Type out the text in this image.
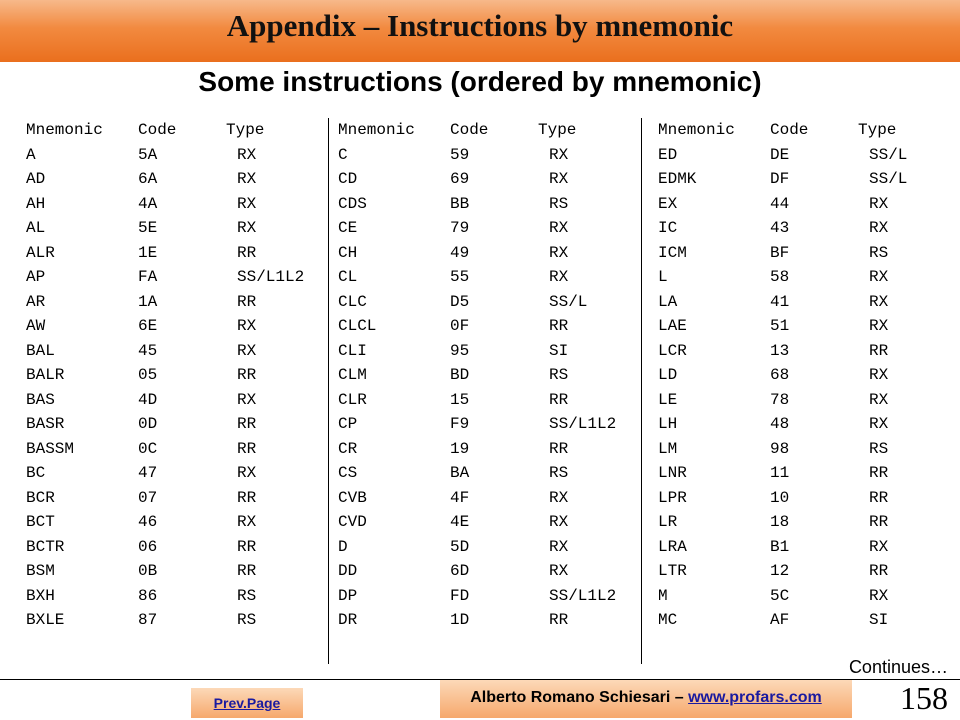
Appendix – Instructions by mnemonic
Some instructions (ordered by mnemonic)
Mnemonic Code	Type
A	5A	RX
AD	6A	RX
AH	4A	RX
AL	5E	RX
ALR	1E	RR
AP	FA	SS/L1L2
AR	1A	RR
AW	6E	RX
BAL	45	RX
BALR	05	RR
BAS	4D	RX
BASR	0D	RR
BASSM	0C	RR
BC	47	RX
BCR	07	RR
BCT	46	RX
BCTR	06	RR
BSM	0B	RR
BXH	86	RS
BXLE	87	RS
Mnemonic Code	Type
C	59	RX
CD	69	RX
CDS	BB	RS
CE	79	RX
CH	49	RX
CL	55	RX
CLC	D5	SS/L
CLCL	0F	RR
CLI	95	SI
CLM	BD	RS
CLR	15	RR
CP	F9	SS/L1L2
CR	19	RR
CS	BA	RS
CVB	4F	RX
CVD	4E	RX
D	5D	RX
DD	6D	RX
DP	FD	SS/L1L2
DR	1D	RR
Mnemonic Code	Type
ED	DE	SS/L
EDMK	DF	SS/L
EX	44	RX
IC	43	RX
ICM	BF	RS
L	58	RX
LA	41	RX
LAE	51	RX
LCR	13	RR
LD	68	RX
LE	78	RX
LH	48	RX
LM	98	RS
LNR	11	RR
LPR	10	RR
LR	18	RR
LRA	B1	RX
LTR	12	RR
M	5C	RX
MC	AF	SI
Continues…
Prev.Page	Alberto Romano Schiesari – www.profars.com	158
